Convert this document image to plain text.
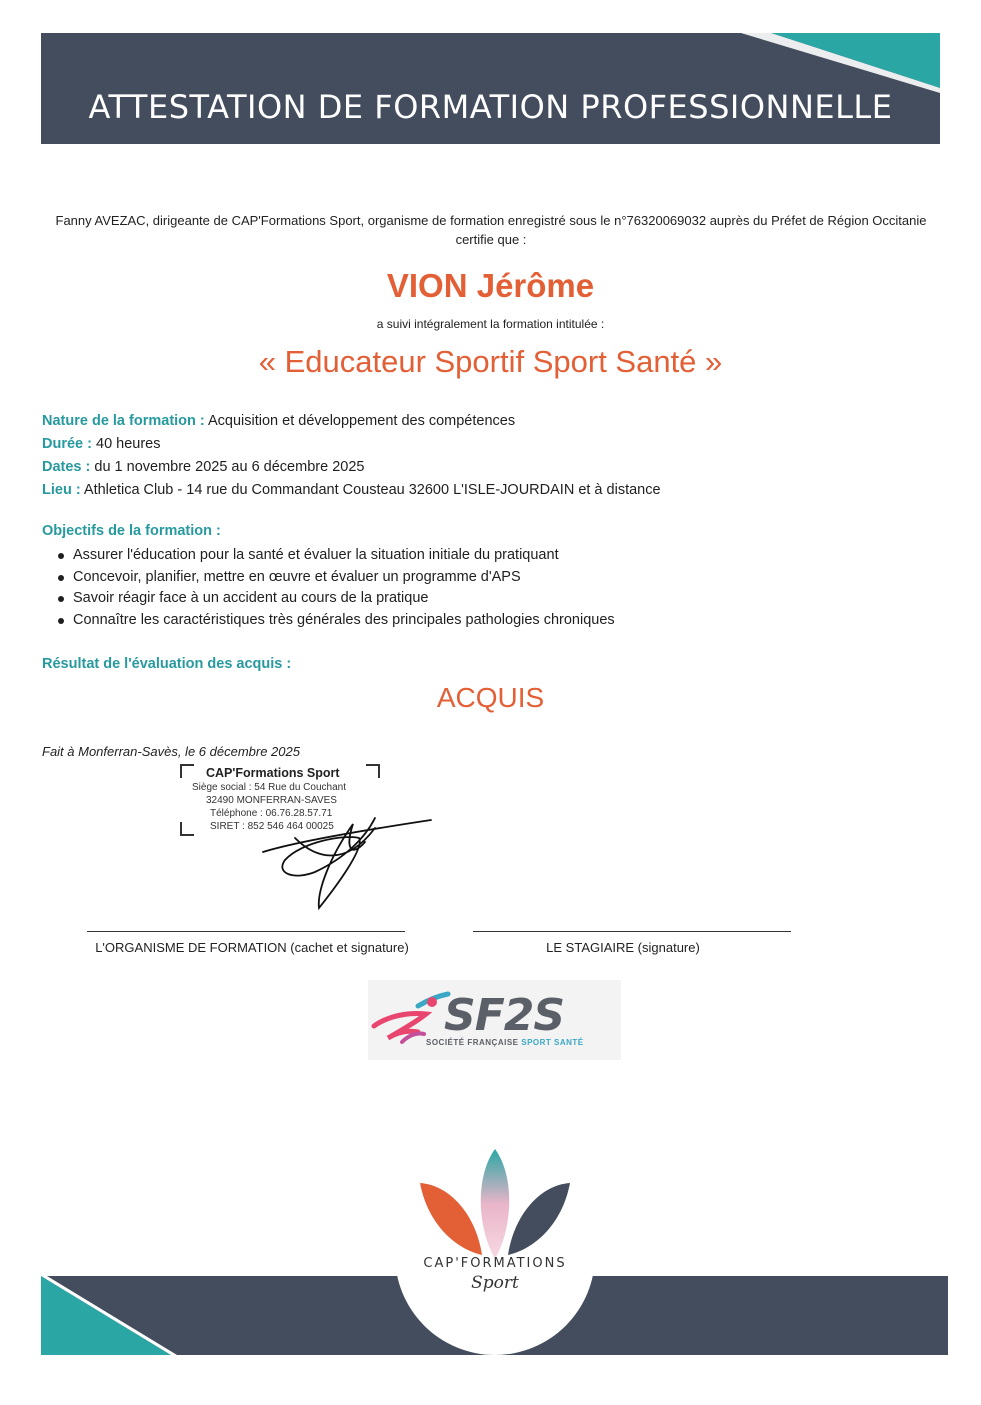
ATTESTATION DE FORMATION PROFESSIONNELLE
Fanny AVEZAC, dirigeante de CAP'Formations Sport, organisme de formation enregistré sous le n°76320069032 auprès du Préfet de Région Occitanie certifie que :
VION Jérôme
a suivi intégralement la formation intitulée :
« Educateur Sportif Sport Santé »
Nature de la formation : Acquisition et développement des compétences
Durée : 40 heures
Dates : du 1 novembre 2025 au 6 décembre 2025
Lieu : Athletica Club - 14 rue du Commandant Cousteau 32600 L'ISLE-JOURDAIN et à distance
Objectifs de la formation :
Assurer l'éducation pour la santé et évaluer la situation initiale du pratiquant
Concevoir, planifier, mettre en œuvre et évaluer un programme d'APS
Savoir réagir face à un accident au cours de la pratique
Connaître les caractéristiques très générales des principales pathologies chroniques
Résultat de l'évaluation des acquis :
ACQUIS
Fait à Monferran-Savès, le 6 décembre 2025
CAP'Formations Sport
Siège social : 54 Rue du Couchant
32490 MONFERRAN-SAVES
Téléphone : 06.76.28.57.71
SIRET : 852 546 464 00025
L'ORGANISME DE FORMATION (cachet et signature)	LE STAGIAIRE (signature)
SF2S
SOCIÉTÉ FRANÇAISE SPORT SANTÉ
CAP'FORMATIONS
Sport
